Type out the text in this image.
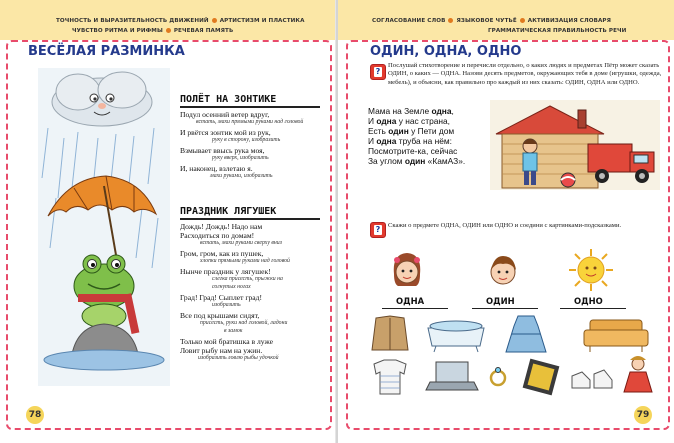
ТОЧНОСТЬ И ВЫРАЗИТЕЛЬНОСТЬ ДВИЖЕНИЙ АРТИСТИЗМ И ПЛАСТИКА
ЧУВСТВО РИТМА И РИФМЫ РЕЧЕВАЯ ПАМЯТЬ
ВЕСЁЛАЯ РАЗМИНКА
ПОЛЁТ НА ЗОНТИКЕ
Подул осенний ветер вдруг,
встать, махи прямыми руками над головой
И рвётся зонтик мой из рук,
руку в сторону, изобразить
Взмывает ввысь рука моя,
руку вверх, изобразить
И, наконец, взлетаю я.
махи руками, изобразить
ПРАЗДНИК ЛЯГУШЕК
Дождь! Дождь! Надо нам
Расходиться по домам!
встать, махи руками сверху вниз
Гром, гром, как из пушек,
хлопки прямыми руками над головой
Нынче праздник у лягушек!
слегка присесть, прыжки на
согнутых ногах
Град! Град! Сыплет град!
изобразить
Все под крышами сидят,
присесть, руки над головой, ладони
в замок
Только мой братишка в луже
Ловит рыбу нам на ужин.
изобразить ловлю рыбы удочкой
78
СОГЛАСОВАНИЕ СЛОВ ЯЗЫКОВОЕ ЧУТЬЁ АКТИВИЗАЦИЯ СЛОВАРЯ
ГРАММАТИЧЕСКАЯ ПРАВИЛЬНОСТЬ РЕЧИ
ОДИН, ОДНА, ОДНО
?
Послушай стихотворение и перечисли отдельно, о каких людях и предметах Пётр может сказать ОДИН, о каких — ОДНА. Назови десять предметов, окружающих тебя в доме (игрушки, одежда, мебель), и объясни, как правильно про каждый из них сказать: ОДИН, ОДНА или ОДНО.
Мама на Земле одна,
И одна у нас страна,
Есть один у Пети дом
И одна труба на нём:
Посмотрите-ка, сейчас
За углом один «КамАЗ».
? Скажи о предмете ОДНА, ОДИН или ОДНО и соедини с картинками-подсказками.
ОДНА	ОДИН	ОДНО
79
